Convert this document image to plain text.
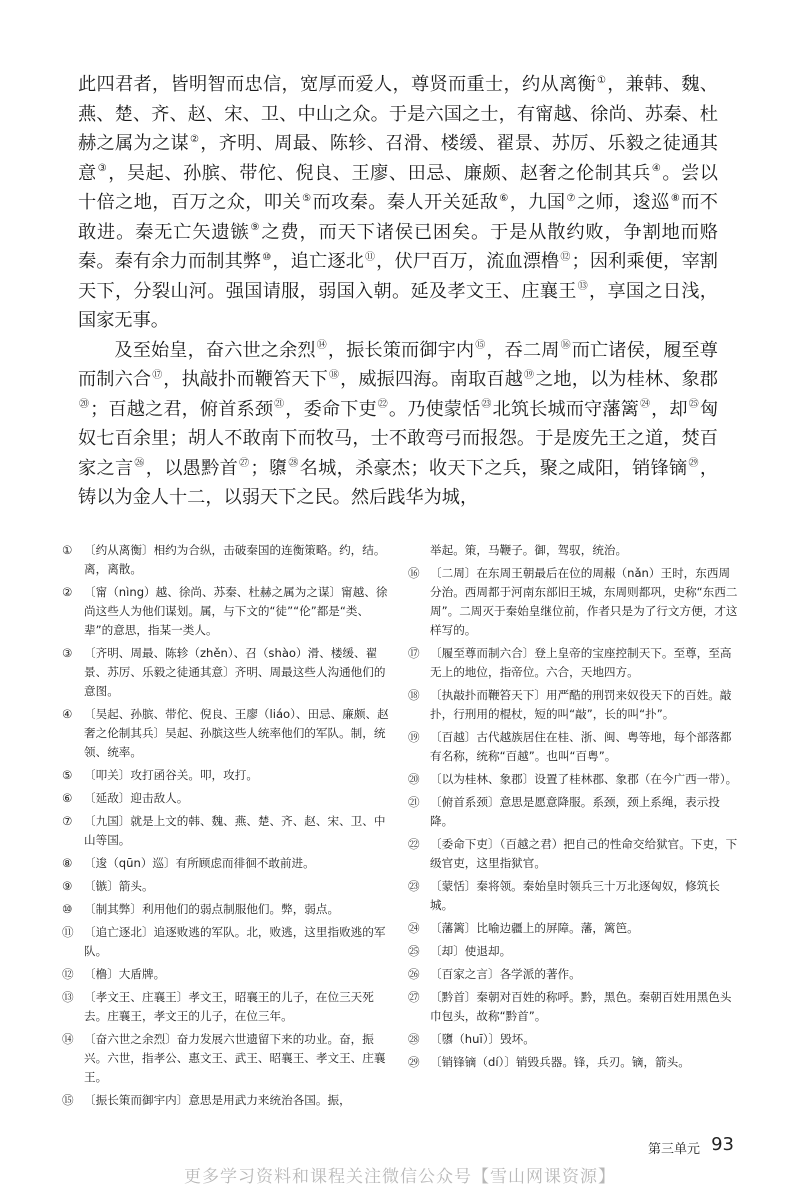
此四君者，皆明智而忠信，宽厚而爱人，尊贤而重士，约从离衡①，兼韩、魏、燕、楚、齐、赵、宋、卫、中山之众。于是六国之士，有甯越、徐尚、苏秦、杜赫之属为之谋②，齐明、周最、陈轸、召滑、楼缓、翟景、苏厉、乐毅之徒通其意③，吴起、孙膑、带佗、倪良、王廖、田忌、廉颇、赵奢之伦制其兵④。尝以十倍之地，百万之众，叩关⑤而攻秦。秦人开关延敌⑥，九国⑦之师，逡巡⑧而不敢进。秦无亡矢遗镞⑨之费，而天下诸侯已困矣。于是从散约败，争割地而赂秦。秦有余力而制其弊⑩，追亡逐北⑪，伏尸百万，流血漂橹⑫；因利乘便，宰割天下，分裂山河。强国请服，弱国入朝。延及孝文王、庄襄王⑬，享国之日浅，国家无事。

及至始皇，奋六世之余烈⑭，振长策而御宇内⑮，吞二周⑯而亡诸侯，履至尊而制六合⑰，执敲扑而鞭笞天下⑱，威振四海。南取百越⑲之地，以为桂林、象郡⑳；百越之君，俯首系颈$^㉑$，委命下吏$^㉒$。乃使蒙恬$^㉓$北筑长城而守藩篱$^㉔$，却$^㉕$匈奴七百余里；胡人不敢南下而牧马，士不敢弯弓而报怨。于是废先王之道，焚百家之言$^㉖$，以愚黔首$^㉗$；隳$^㉘$名城，杀豪杰；收天下之兵，聚之咸阳，销锋镝$^㉙$，铸以为金人十二，以弱天下之民。然后践华为城，

① 〔约从离衡〕相约为合纵，击破秦国的连衡策略。约，结。离，离散。
② 〔甯（nìng）越、徐尚、苏秦、杜赫之属为之谋〕甯越、徐尚这些人为他们谋划。属，与下文的“徒”“伦”都是“类、辈”的意思，指某一类人。
③ 〔齐明、周最、陈轸（zhěn）、召（shào）滑、楼缓、翟景、苏厉、乐毅之徒通其意〕齐明、周最这些人沟通他们的意图。
④ 〔吴起、孙膑、带佗、倪良、王廖（liáo）、田忌、廉颇、赵奢之伦制其兵〕吴起、孙膑这些人统率他们的军队。制，统领、统率。
⑤ 〔叩关〕攻打函谷关。叩，攻打。
⑥ 〔延敌〕迎击敌人。
⑦ 〔九国〕就是上文的韩、魏、燕、楚、齐、赵、宋、卫、中山等国。
⑧ 〔逡（qūn）巡〕有所顾虑而徘徊不敢前进。
⑨ 〔镞〕箭头。
⑩ 〔制其弊〕利用他们的弱点制服他们。弊，弱点。
⑪ 〔追亡逐北〕追逐败逃的军队。北，败逃，这里指败逃的军队。
⑫ 〔橹〕大盾牌。
⑬ 〔孝文王、庄襄王〕孝文王，昭襄王的儿子，在位三天死去。庄襄王，孝文王的儿子，在位三年。
⑭ 〔奋六世之余烈〕奋力发展六世遗留下来的功业。奋，振兴。六世，指孝公、惠文王、武王、昭襄王、孝文王、庄襄王。
⑮ 〔振长策而御宇内〕意思是用武力来统治各国。振，
举起。策，马鞭子。御，驾驭，统治。
⑯ 〔二周〕在东周王朝最后在位的周赧（nǎn）王时，东西周分治。西周都于河南东部旧王城，东周则都巩，史称“东西二周”。二周灭于秦始皇继位前，作者只是为了行文方便，才这样写的。
⑰ 〔履至尊而制六合〕登上皇帝的宝座控制天下。至尊，至高无上的地位，指帝位。六合，天地四方。
⑱ 〔执敲扑而鞭笞天下〕用严酷的刑罚来奴役天下的百姓。敲扑，行刑用的棍杖，短的叫“敲”，长的叫“扑”。
⑲ 〔百越〕古代越族居住在桂、浙、闽、粤等地，每个部落都有名称，统称“百越”。也叫“百粤”。
⑳ 〔以为桂林、象郡〕设置了桂林郡、象郡（在今广西一带）。
㉑ 〔俯首系颈〕意思是愿意降服。系颈，颈上系绳，表示投降。
㉒ 〔委命下吏〕（百越之君）把自己的性命交给狱官。下吏，下级官吏，这里指狱官。
㉓ 〔蒙恬〕秦将领。秦始皇时领兵三十万北逐匈奴，修筑长城。
㉔ 〔藩篱〕比喻边疆上的屏障。藩，篱笆。
㉕ 〔却〕使退却。
㉖ 〔百家之言〕各学派的著作。
㉗ 〔黔首〕秦朝对百姓的称呼。黔，黑色。秦朝百姓用黑色头巾包头，故称“黔首”。
㉘ 〔隳（huī）〕毁坏。
㉙ 〔销锋镝（dí）〕销毁兵器。锋，兵刃。镝，箭头。
第三单元 93
更多学习资料和课程关注微信公众号【雪山网课资源】
